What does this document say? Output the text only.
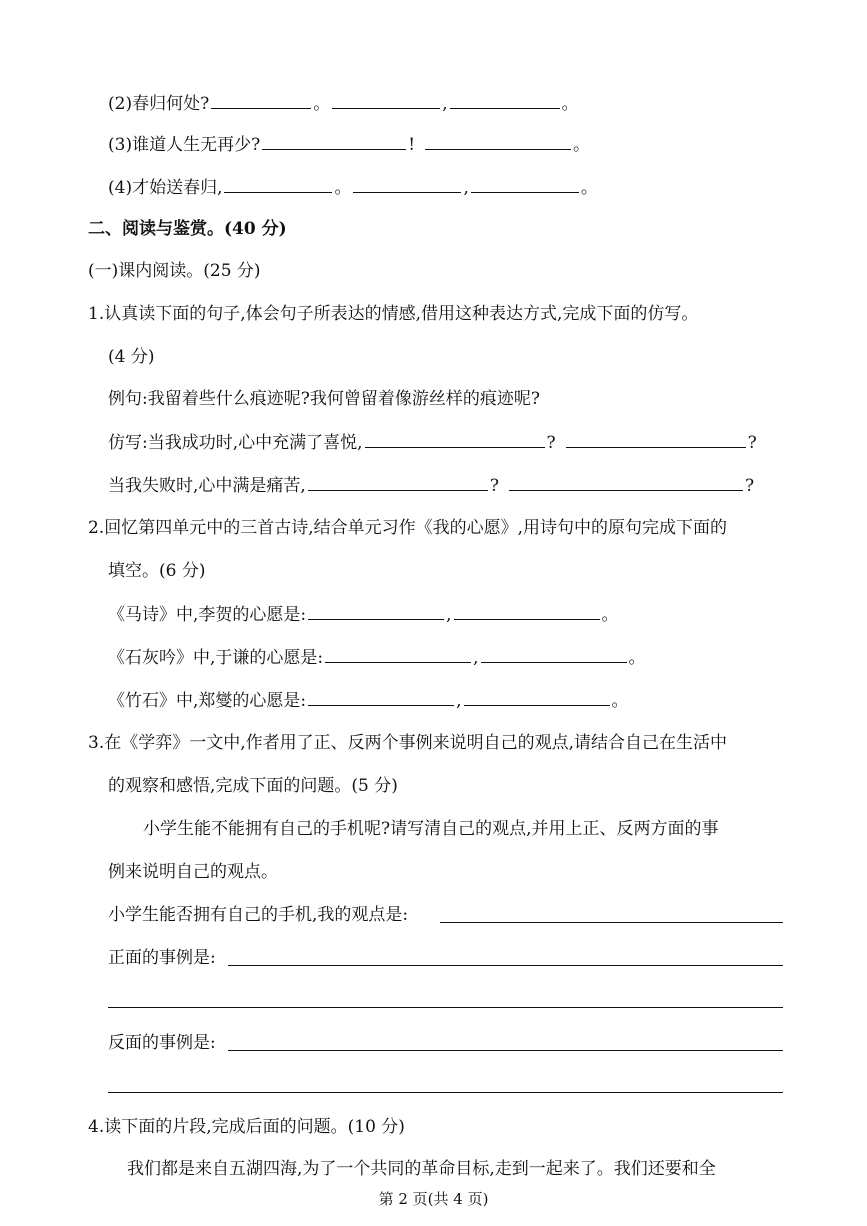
(2)春归何处?	。	,	。
(3)谁道人生无再少?	!	。
(4)才始送春归,	。	,	。
二、阅读与鉴赏。(40 分)
(一)课内阅读。(25 分)
1.认真读下面的句子,体会句子所表达的情感,借用这种表达方式,完成下面的仿写。
(4 分)
例句:我留着些什么痕迹呢?我何曾留着像游丝样的痕迹呢?
仿写:当我成功时,心中充满了喜悦,	?	?
当我失败时,心中满是痛苦,	?	?
2.回忆第四单元中的三首古诗,结合单元习作《我的心愿》,用诗句中的原句完成下面的
填空。(6 分)
《马诗》中,李贺的心愿是:	,	。
《石灰吟》中,于谦的心愿是:	,	。
《竹石》中,郑燮的心愿是:	,	。
3.在《学弈》一文中,作者用了正、反两个事例来说明自己的观点,请结合自己在生活中
的观察和感悟,完成下面的问题。(5 分)
小学生能不能拥有自己的手机呢?请写清自己的观点,并用上正、反两方面的事
例来说明自己的观点。
小学生能否拥有自己的手机,我的观点是:
正面的事例是:
反面的事例是:
4.读下面的片段,完成后面的问题。(10 分)
我们都是来自五湖四海,为了一个共同的革命目标,走到一起来了。我们还要和全
第 2 页(共 4 页)
